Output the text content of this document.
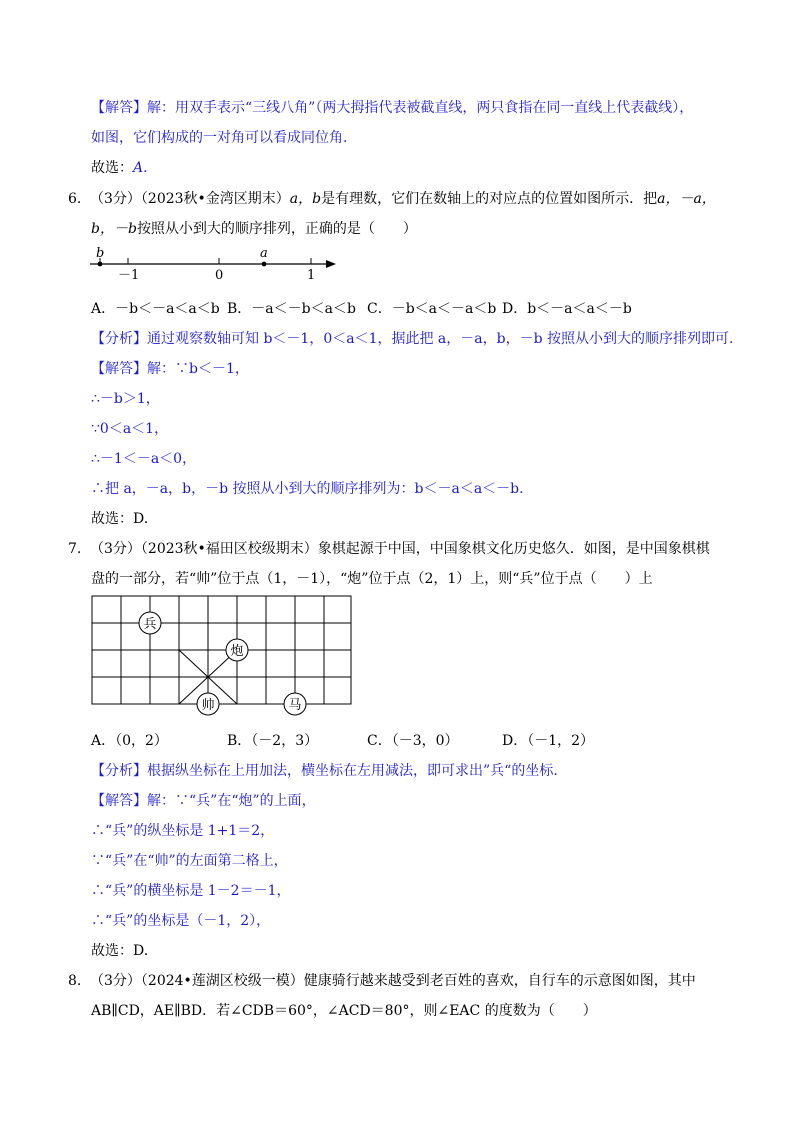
【解答】解：用双手表示“三线八角”（两大拇指代表被截直线，两只食指在同一直线上代表截线），
如图，它们构成的一对角可以看成同位角.
故选：A.
6. （3分）（2023秋•金湾区期末）a，b是有理数，它们在数轴上的对应点的位置如图所示．把a，－a，
b，－b按照从小到大的顺序排列，正确的是（　　）
b
－1	0
a
1
A．－b＜－a＜a＜b B．－a＜－b＜a＜b C．－b＜a＜－a＜b D．b＜－a＜a＜－b
【分析】通过观察数轴可知 b＜－1，0＜a＜1，据此把 a，－a，b，－b 按照从小到大的顺序排列即可.
【解答】解：∵b＜－1，
∴－b＞1，
∵0＜a＜1，
∴－1＜－a＜0，
∴把 a，－a，b，－b 按照从小到大的顺序排列为：b＜－a＜a＜－b.
故选：D.
7. （3分）（2023秋•福田区校级期末）象棋起源于中国，中国象棋文化历史悠久．如图，是中国象棋棋
盘的一部分，若“帅”位于点（1，－1），“炮”位于点（2，1）上，则“兵”位于点（　　）上
兵
炮
帅	马
A．（0，2）	B．（－2，3）	C．（－3，0）	D．（－1，2）
【分析】根据纵坐标在上用加法，横坐标在左用减法，即可求出”兵“的坐标.
【解答】解：∵“兵”在“炮”的上面，
∴“兵”的纵坐标是 1+1＝2，
∵“兵”在“帅”的左面第二格上，
∴“兵”的横坐标是 1－2＝－1，
∴“兵”的坐标是（－1，2），
故选：D.
8. （3分）（2024•莲湖区校级一模）健康骑行越来越受到老百姓的喜欢，自行车的示意图如图，其中
AB∥CD，AE∥BD．若∠CDB＝60°，∠ACD＝80°，则∠EAC 的度数为（　　）
